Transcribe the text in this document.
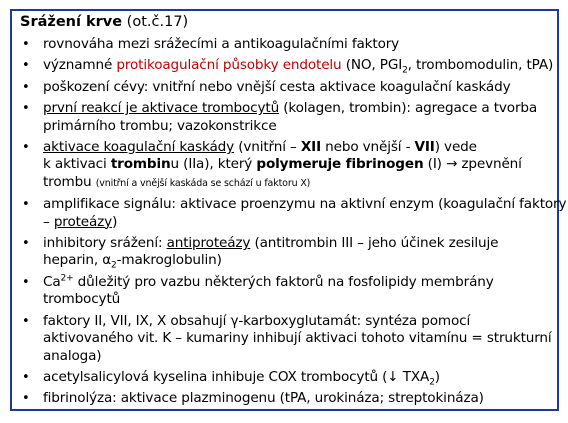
Srážení krve (ot.č.17)
• rovnováha mezi srážecími a antikoagulačními faktory
• významné protikoagulační působky endotelu (NO, $PGI_2$, trombomodulin, tPA)
• poškození cévy: vnitřní nebo vnější cesta aktivace koagulační kaskády
• první reakcí je aktivace trombocytů (kolagen, trombin): agregace a tvorba
primárního trombu; vazokonstrikce
• aktivace koagulační kaskády (vnitřní – XII nebo vnější - VII) vede
k aktivaci trombinu (IIa), který polymeruje fibrinogen (I) → zpevnění
trombu (vnitřní a vnější kaskáda se schází u faktoru X)
• amplifikace signálu: aktivace proenzymu na aktivní enzym (koagulační faktory
– proteázy)
• inhibitory srážení: antiproteázy (antitrombin III – jeho účinek zesiluje
heparin, $\alpha_2-makroglobulin$)
• $Ca^{2+}$ důležitý pro vazbu některých faktorů na fosfolipidy membrány
trombocytů
• faktory II, VII, IX, X obsahují γ-karboxyglutamát: syntéza pomocí
aktivovaného vit. K – kumariny inhibují aktivaci tohoto vitamínu = strukturní
analoga)
• acetylsalicylová kyselina inhibuje COX trombocytů (↓ $TXA_2$)
• fibrinolýza: aktivace plazminogenu (tPA, urokináza; streptokináza)
